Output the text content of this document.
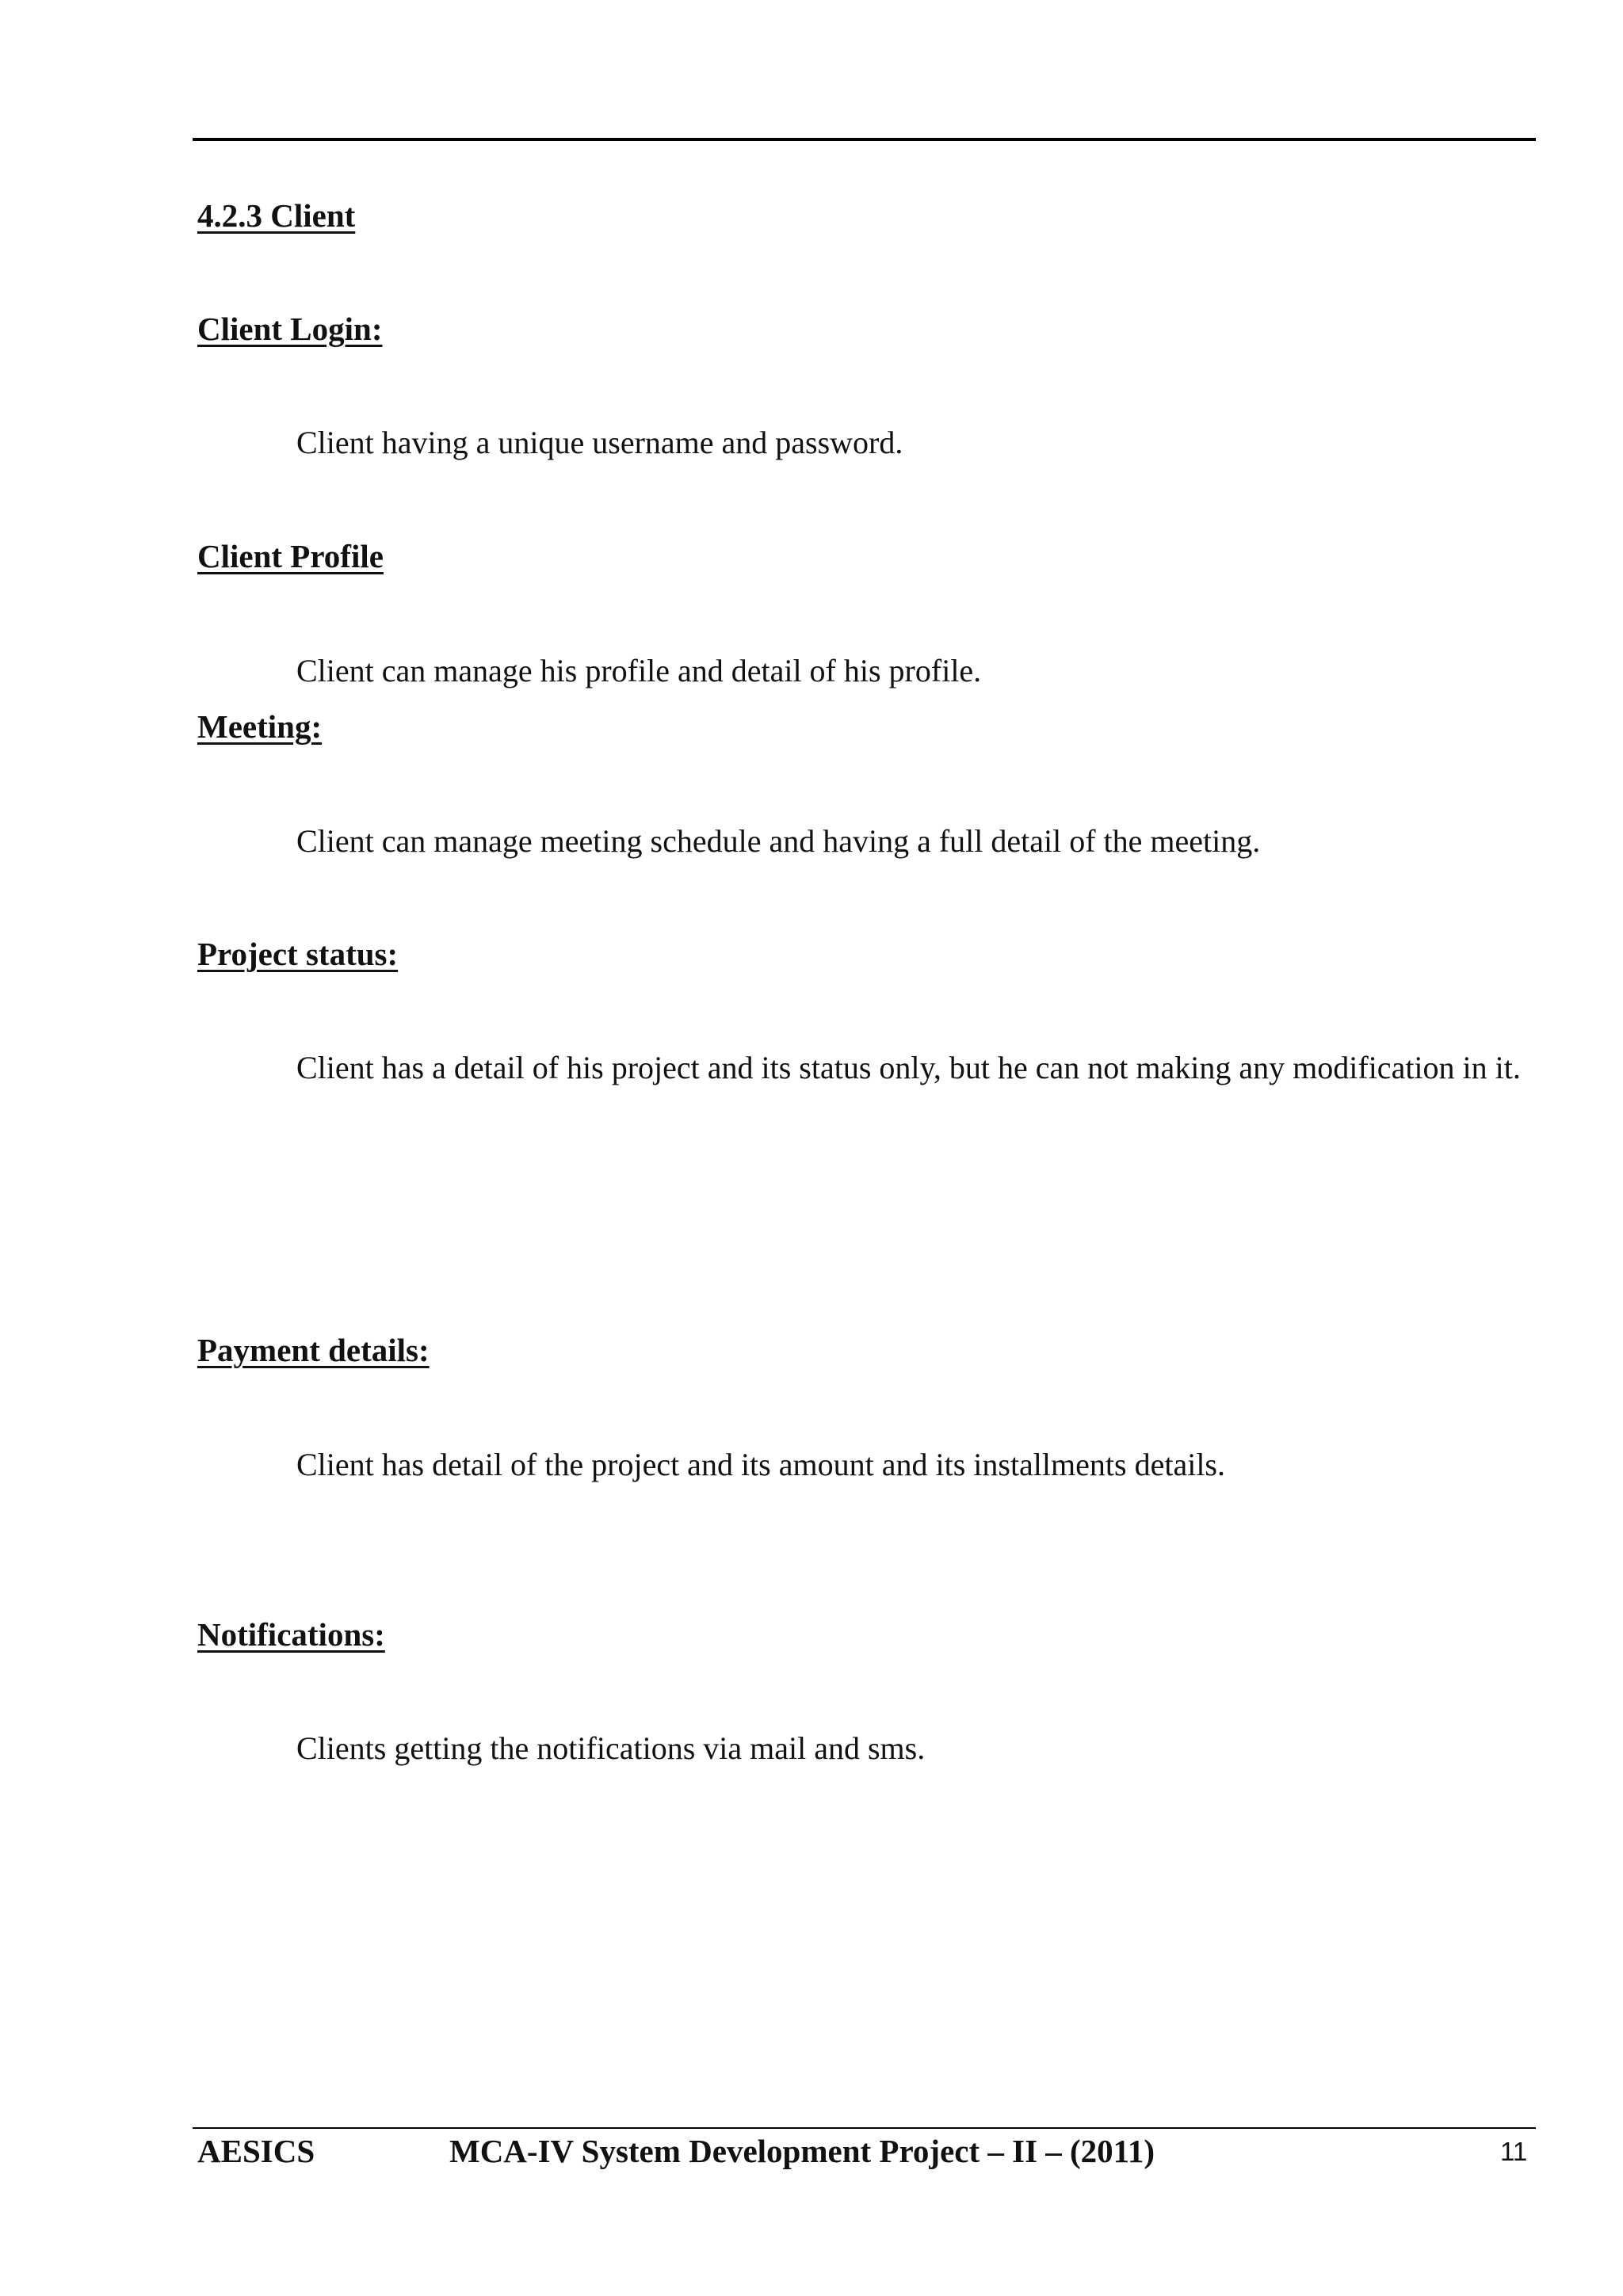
4.2.3 Client
Client Login:

Client having a unique username and password.

Client Profile

Client can manage his profile and detail of his profile.

Meeting:

Client can manage meeting schedule and having a full detail of the meeting.

Project status:

Client has a detail of his project and its status only, but he can not making any modification in it.

Payment details:

Client has detail of the project and its amount and its installments details.

Notifications:

Clients getting the notifications via mail and sms.

AESICS	MCA-IV System Development Project – II – (2011)	11
